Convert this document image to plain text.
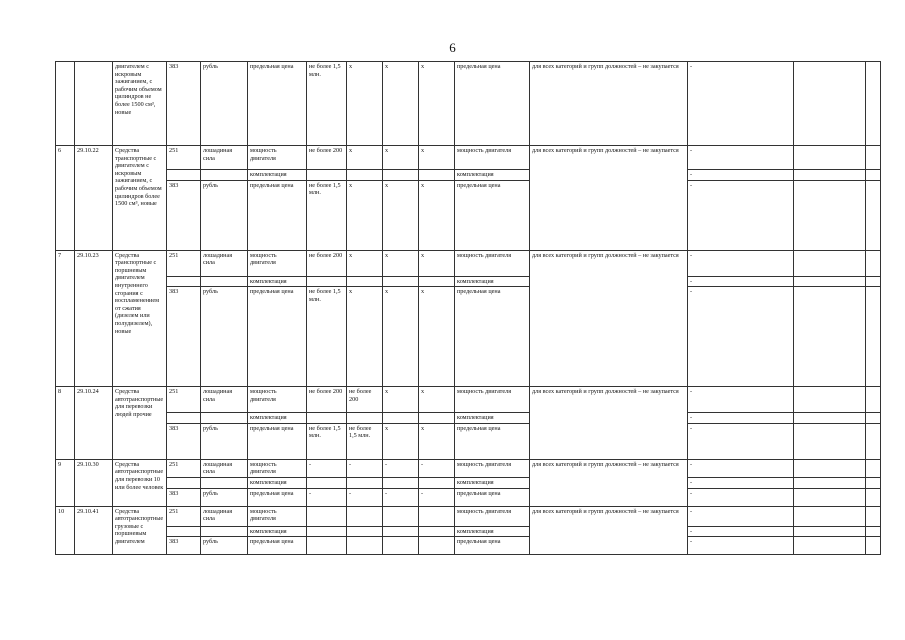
6
		двигателем с искровым зажиганием, с рабочим объемом цилиндров не более 1500 см³, новые	383	рубль	предельная цена	не более 1,5 млн.	х	х	х	предельная цена	для всех категорий и групп должностей – не закупается	-		
6	29.10.22	Средства транспортные с двигателем с искровым зажиганием, с рабочим объемом цилиндров более 1500 см³, новые	251	лошадиная сила	мощность двигателя	не более 200	х	х	х	мощность двигателя	для всех категорий и групп должностей – не закупается	-		
					комплектация					комплектация		-		
			383	рубль	предельная цена	не более 1,5 млн.	х	х	х	предельная цена		-		
7	29.10.23	Средства транспортные с поршневым двигателем внутреннего сгорания с воспламенением от сжатия (дизелем или полудизелем), новые	251	лошадиная сила	мощность двигателя	не более 200	х	х	х	мощность двигателя	для всех категорий и групп должностей – не закупается	-		
					комплектация					комплектация		-		
			383	рубль	предельная цена	не более 1,5 млн.	х	х	х	предельная цена		-		
8	29.10.24	Средства автотранспортные для перевозки людей прочие	251	лошадиная сила	мощность двигателя	не более 200	не более 200	х	х	мощность двигателя	для всех категорий и групп должностей – не закупается	-		
					комплектация					комплектация		-		
			383	рубль	предельная цена	не более 1,5 млн.	не более 1,5 млн.	х	х	предельная цена		-		
9	29.10.30	Средства автотранспортные для перевозки 10 или более человек	251	лошадиная сила	мощность двигателя	-	-	-	-	мощность двигателя	для всех категорий и групп должностей – не закупается	-		
					комплектация					комплектация		-		
			383	рубль	предельная цена	-	-	-	-	предельная цена		-		
10	29.10.41	Средства автотранспортные грузовые с поршневым двигателем	251	лошадиная сила	мощность двигателя					мощность двигателя	для всех категорий и групп должностей – не закупается	-		
					комплектация					комплектация		-		
			383	рубль	предельная цена					предельная цена		-		
